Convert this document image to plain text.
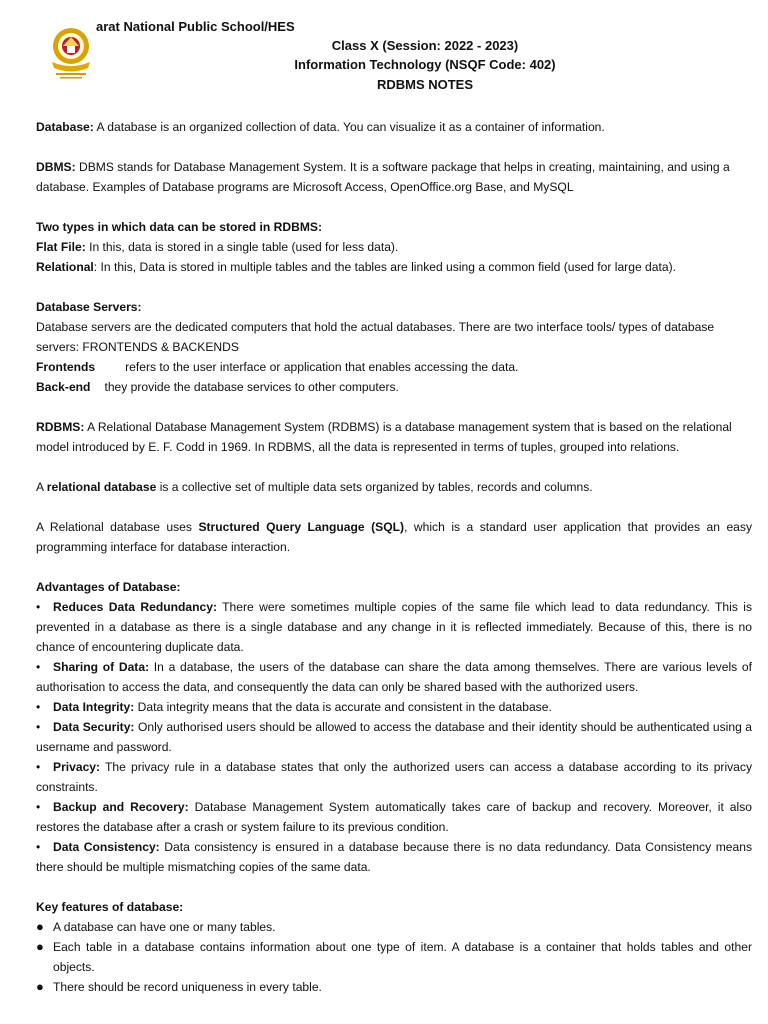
arat National Public School/HES
Class X (Session: 2022 - 2023)
Information Technology (NSQF Code: 402)
RDBMS NOTES

Database: A database is an organized collection of data. You can visualize it as a container of information.

DBMS: DBMS stands for Database Management System. It is a software package that helps in creating, maintaining, and using a database. Examples of Database programs are Microsoft Access, OpenOffice.org Base, and MySQL

Two types in which data can be stored in RDBMS:

Flat File: In this, data is stored in a single table (used for less data).

Relational: In this, Data is stored in multiple tables and the tables are linked using a common field (used for large data).

Database Servers:

Database servers are the dedicated computers that hold the actual databases. There are two interface tools/ types of database servers: FRONTENDS & BACKENDS

Frontends refers to the user interface or application that enables accessing the data.

Back-end they provide the database services to other computers.

RDBMS: A Relational Database Management System (RDBMS) is a database management system that is based on the relational model introduced by E. F. Codd in 1969. In RDBMS, all the data is represented in terms of tuples, grouped into relations.

A relational database is a collective set of multiple data sets organized by tables, records and columns.

A Relational database uses Structured Query Language (SQL), which is a standard user application that provides an easy programming interface for database interaction.

Advantages of Database:

• Reduces Data Redundancy: There were sometimes multiple copies of the same file which lead to data redundancy. This is prevented in a database as there is a single database and any change in it is reflected immediately. Because of this, there is no chance of encountering duplicate data.

• Sharing of Data: In a database, the users of the database can share the data among themselves. There are various levels of authorisation to access the data, and consequently the data can only be shared based with the authorized users.

• Data Integrity: Data integrity means that the data is accurate and consistent in the database.

• Data Security: Only authorised users should be allowed to access the database and their identity should be authenticated using a username and password.

• Privacy: The privacy rule in a database states that only the authorized users can access a database according to its privacy constraints.

• Backup and Recovery: Database Management System automatically takes care of backup and recovery. Moreover, it also restores the database after a crash or system failure to its previous condition.

• Data Consistency: Data consistency is ensured in a database because there is no data redundancy. Data Consistency means there should be multiple mismatching copies of the same data.

Key features of database:

● A database can have one or many tables.
● Each table in a database contains information about one type of item. A database is a container that holds tables and other objects.
● There should be record uniqueness in every table.
